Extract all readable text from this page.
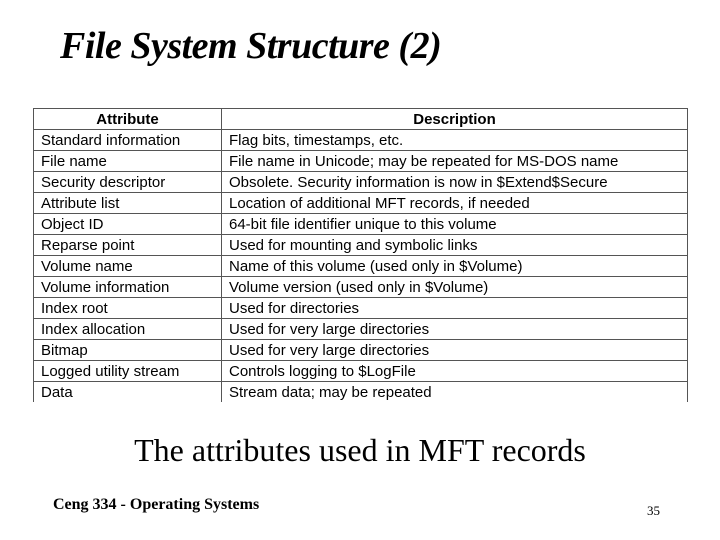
File System Structure (2)
Attribute	Description
Standard information	Flag bits, timestamps, etc.
File name	File name in Unicode; may be repeated for MS-DOS name
Security descriptor	Obsolete. Security information is now in $Extend$Secure
Attribute list	Location of additional MFT records, if needed
Object ID	64-bit file identifier unique to this volume
Reparse point	Used for mounting and symbolic links
Volume name	Name of this volume (used only in $Volume)
Volume information	Volume version (used only in $Volume)
Index root	Used for directories
Index allocation	Used for very large directories
Bitmap	Used for very large directories
Logged utility stream	Controls logging to $LogFile
Data	Stream data; may be repeated
The attributes used in MFT records
Ceng 334 - Operating Systems	35
